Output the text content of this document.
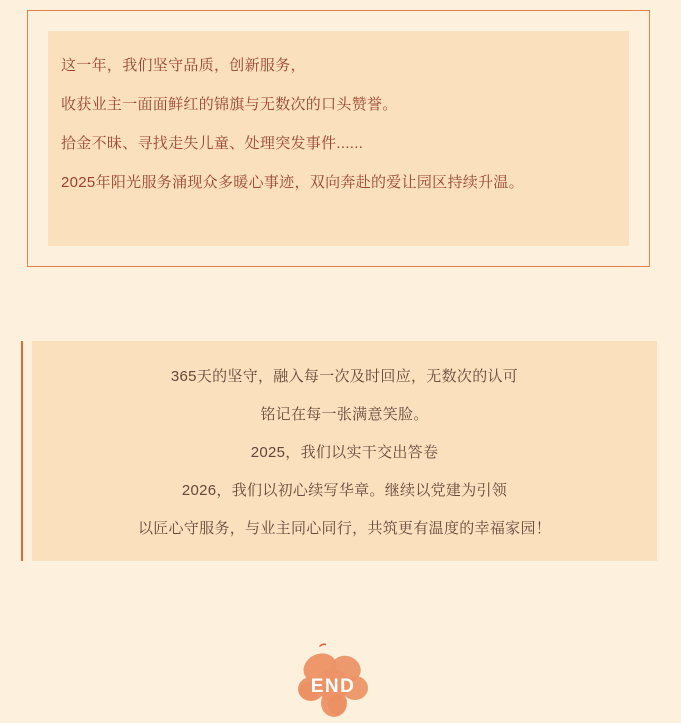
这一年，我们坚守品质，创新服务，

收获业主一面面鲜红的锦旗与无数次的口头赞誉。

拾金不昧、寻找走失儿童、处理突发事件......

2025年阳光服务涌现众多暖心事迹，双向奔赴的爱让园区持续升温。

365天的坚守，融入每一次及时回应，无数次的认可

铭记在每一张满意笑脸。

2025，我们以实干交出答卷

2026，我们以初心续写华章。继续以党建为引领

以匠心守服务，与业主同心同行，共筑更有温度的幸福家园！

END
